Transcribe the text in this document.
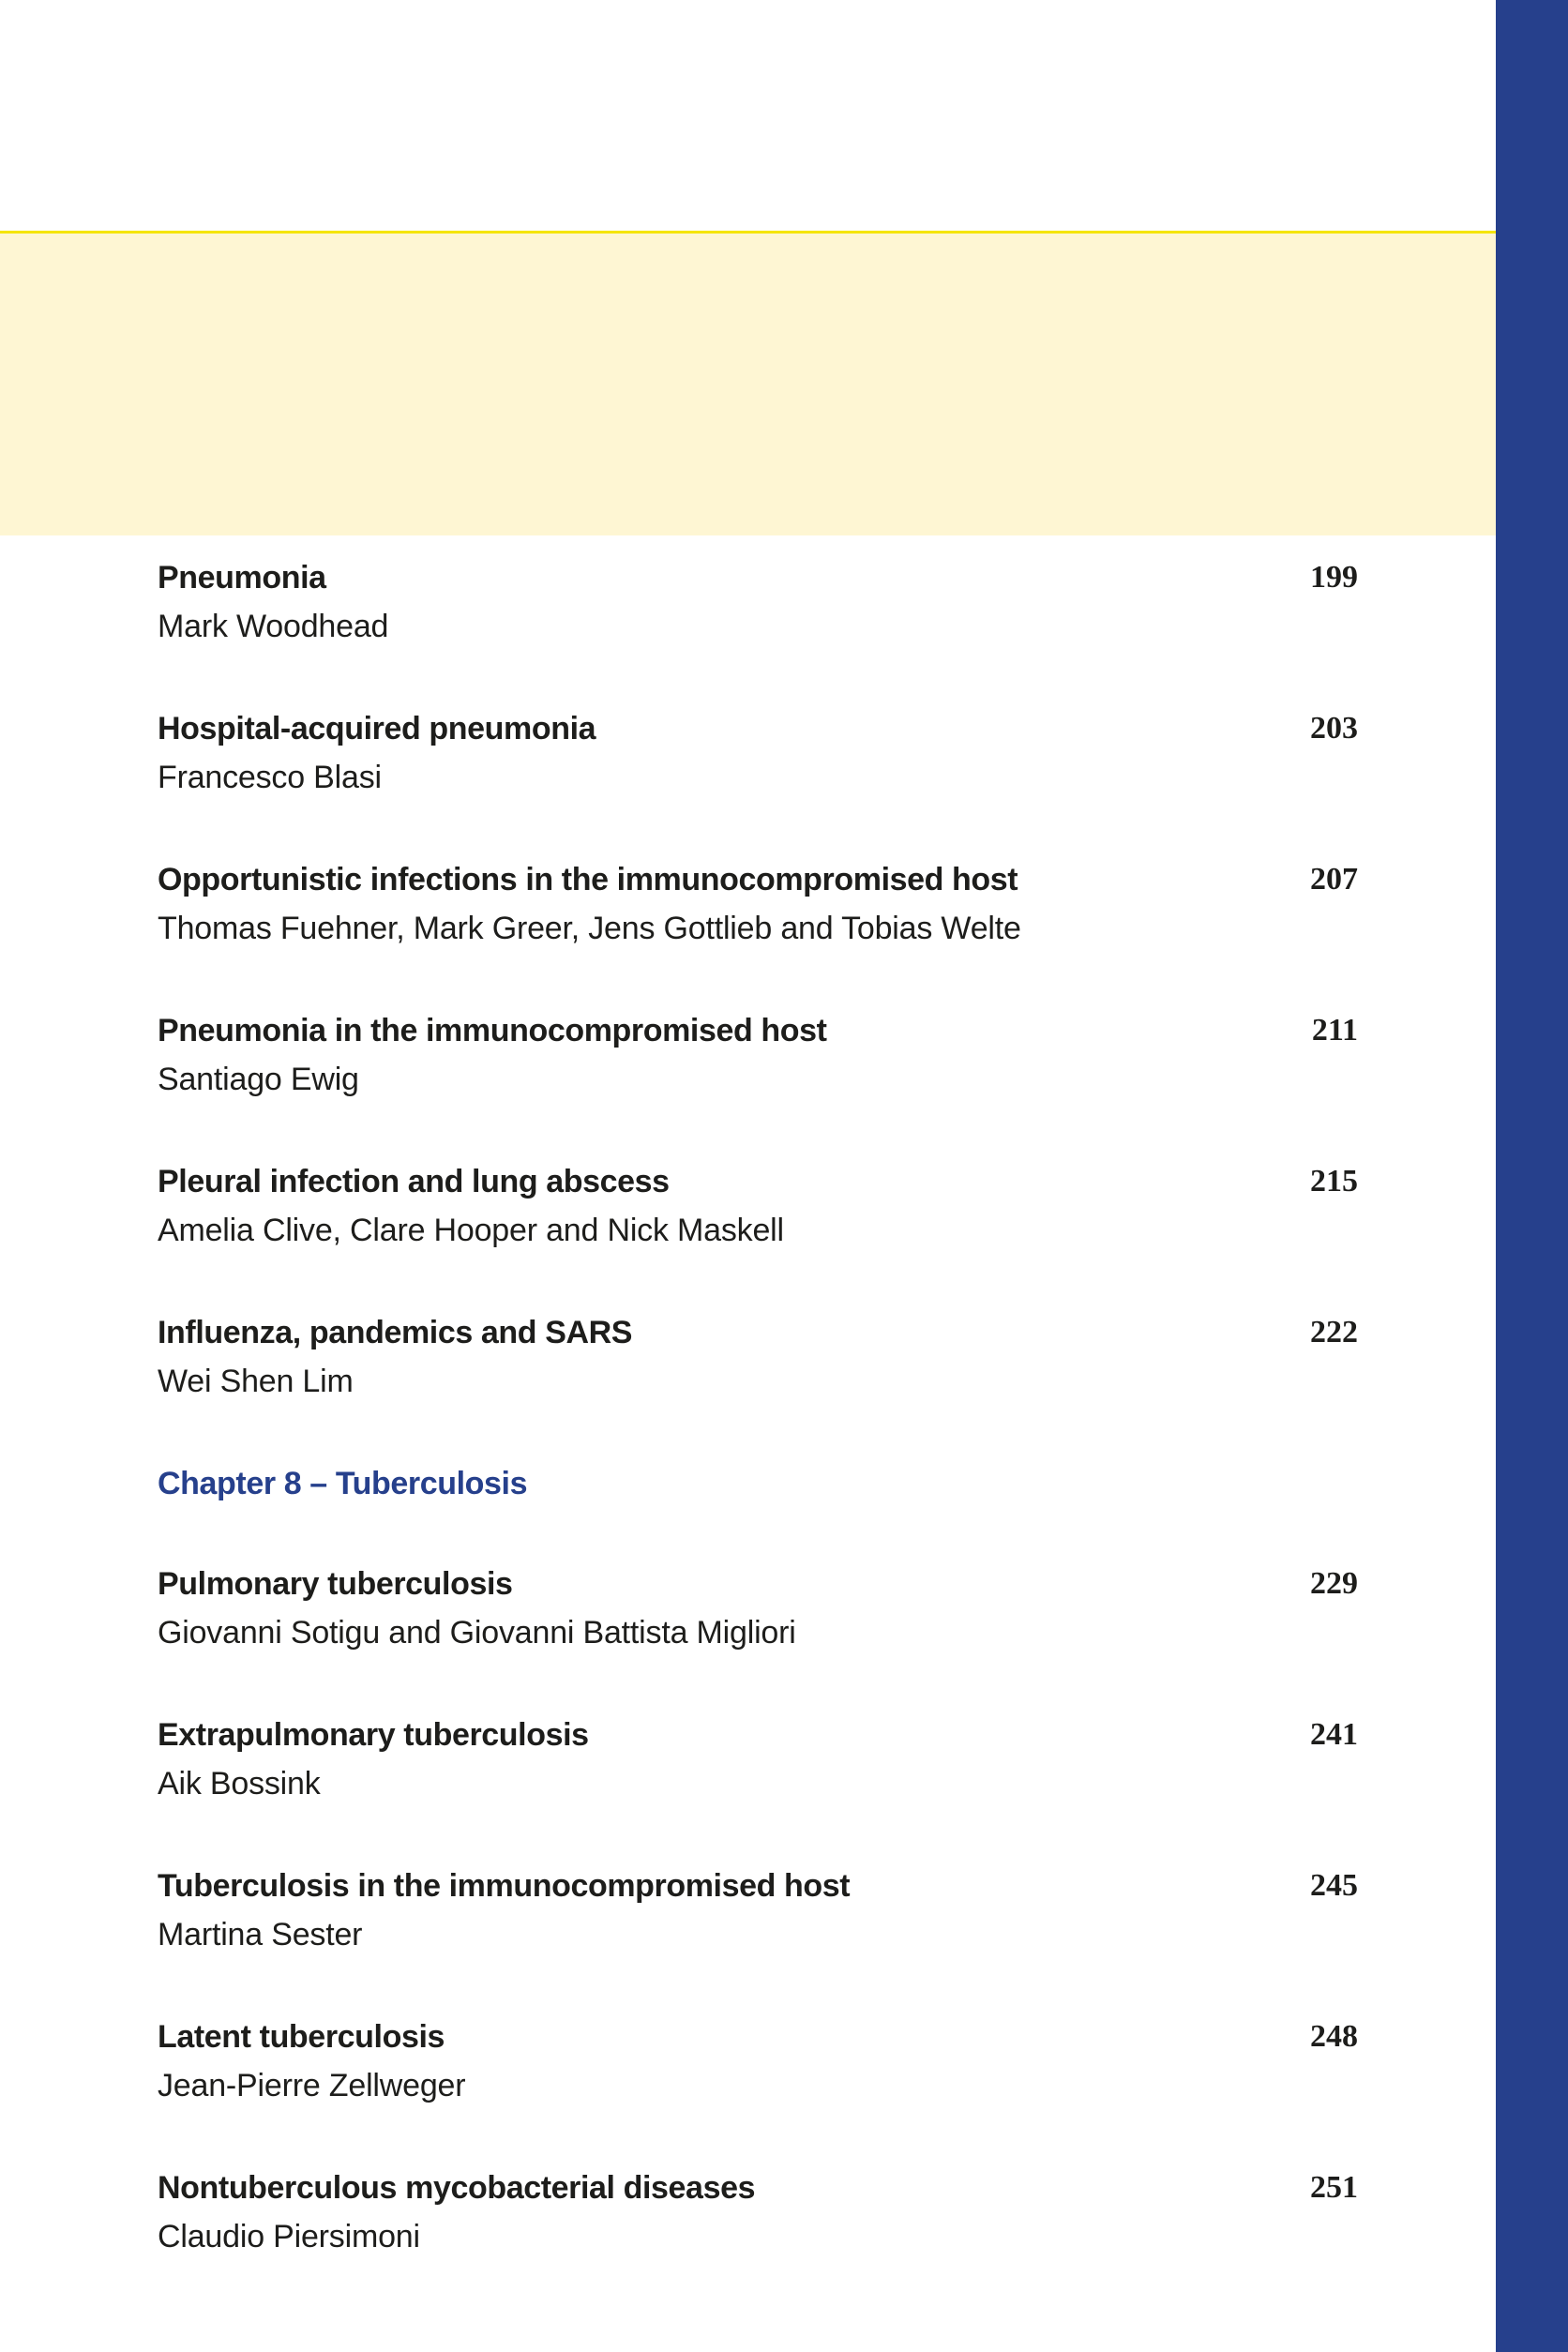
Pneumonia
Mark Woodhead
199
Hospital-acquired pneumonia
Francesco Blasi
203
Opportunistic infections in the immunocompromised host
Thomas Fuehner, Mark Greer, Jens Gottlieb and Tobias Welte
207
Pneumonia in the immunocompromised host
Santiago Ewig
211
Pleural infection and lung abscess
Amelia Clive, Clare Hooper and Nick Maskell
215
Influenza, pandemics and SARS
Wei Shen Lim
222
Chapter 8 – Tuberculosis
Pulmonary tuberculosis
Giovanni Sotigu and Giovanni Battista Migliori
229
Extrapulmonary tuberculosis
Aik Bossink
241
Tuberculosis in the immunocompromised host
Martina Sester
245
Latent tuberculosis
Jean-Pierre Zellweger
248
Nontuberculous mycobacterial diseases
Claudio Piersimoni
251
